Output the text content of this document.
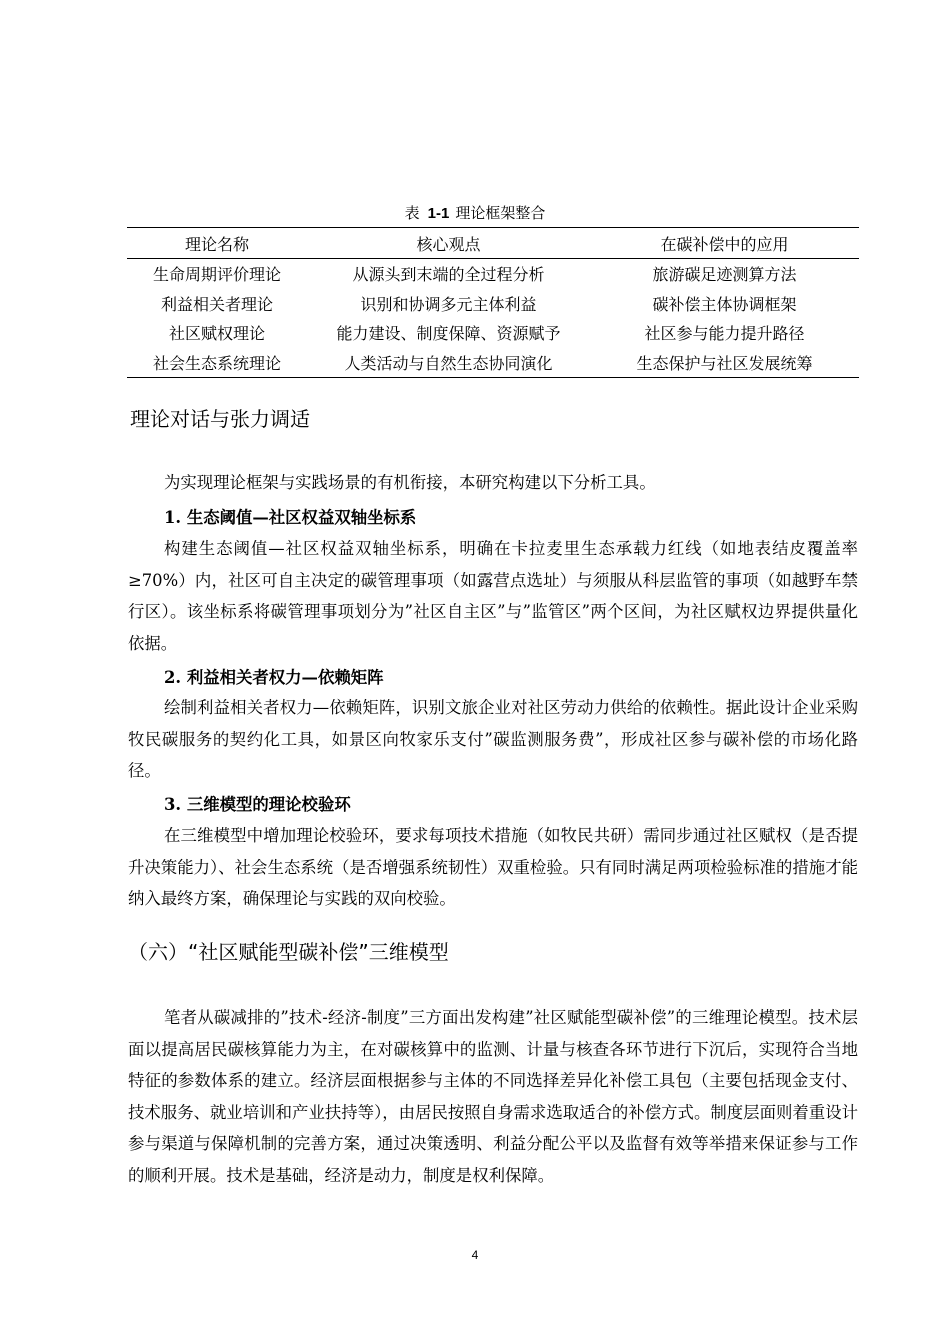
表 1-1 理论框架整合
理论名称	核心观点	在碳补偿中的应用
生命周期评价理论	从源头到末端的全过程分析	旅游碳足迹测算方法
利益相关者理论	识别和协调多元主体利益	碳补偿主体协调框架
社区赋权理论	能力建设、制度保障、资源赋予	社区参与能力提升路径
社会生态系统理论	人类活动与自然生态协同演化	生态保护与社区发展统筹
理论对话与张力调适

为实现理论框架与实践场景的有机衔接，本研究构建以下分析工具。

1. 生态阈值—社区权益双轴坐标系

构建生态阈值—社区权益双轴坐标系，明确在卡拉麦里生态承载力红线（如地表结皮覆盖率≥70%）内，社区可自主决定的碳管理事项（如露营点选址）与须服从科层监管的事项（如越野车禁行区）。该坐标系将碳管理事项划分为”社区自主区”与”监管区”两个区间，为社区赋权边界提供量化依据。

2. 利益相关者权力—依赖矩阵

绘制利益相关者权力—依赖矩阵，识别文旅企业对社区劳动力供给的依赖性。据此设计企业采购牧民碳服务的契约化工具，如景区向牧家乐支付”碳监测服务费”，形成社区参与碳补偿的市场化路径。

3. 三维模型的理论校验环

在三维模型中增加理论校验环，要求每项技术措施（如牧民共研）需同步通过社区赋权（是否提升决策能力）、社会生态系统（是否增强系统韧性）双重检验。只有同时满足两项检验标准的措施才能纳入最终方案，确保理论与实践的双向校验。

（六）“社区赋能型碳补偿”三维模型

笔者从碳减排的”技术-经济-制度”三方面出发构建”社区赋能型碳补偿”的三维理论模型。技术层面以提高居民碳核算能力为主，在对碳核算中的监测、计量与核查各环节进行下沉后，实现符合当地特征的参数体系的建立。经济层面根据参与主体的不同选择差异化补偿工具包（主要包括现金支付、技术服务、就业培训和产业扶持等），由居民按照自身需求选取适合的补偿方式。制度层面则着重设计参与渠道与保障机制的完善方案，通过决策透明、利益分配公平以及监督有效等举措来保证参与工作的顺利开展。技术是基础，经济是动力，制度是权利保障。

4
